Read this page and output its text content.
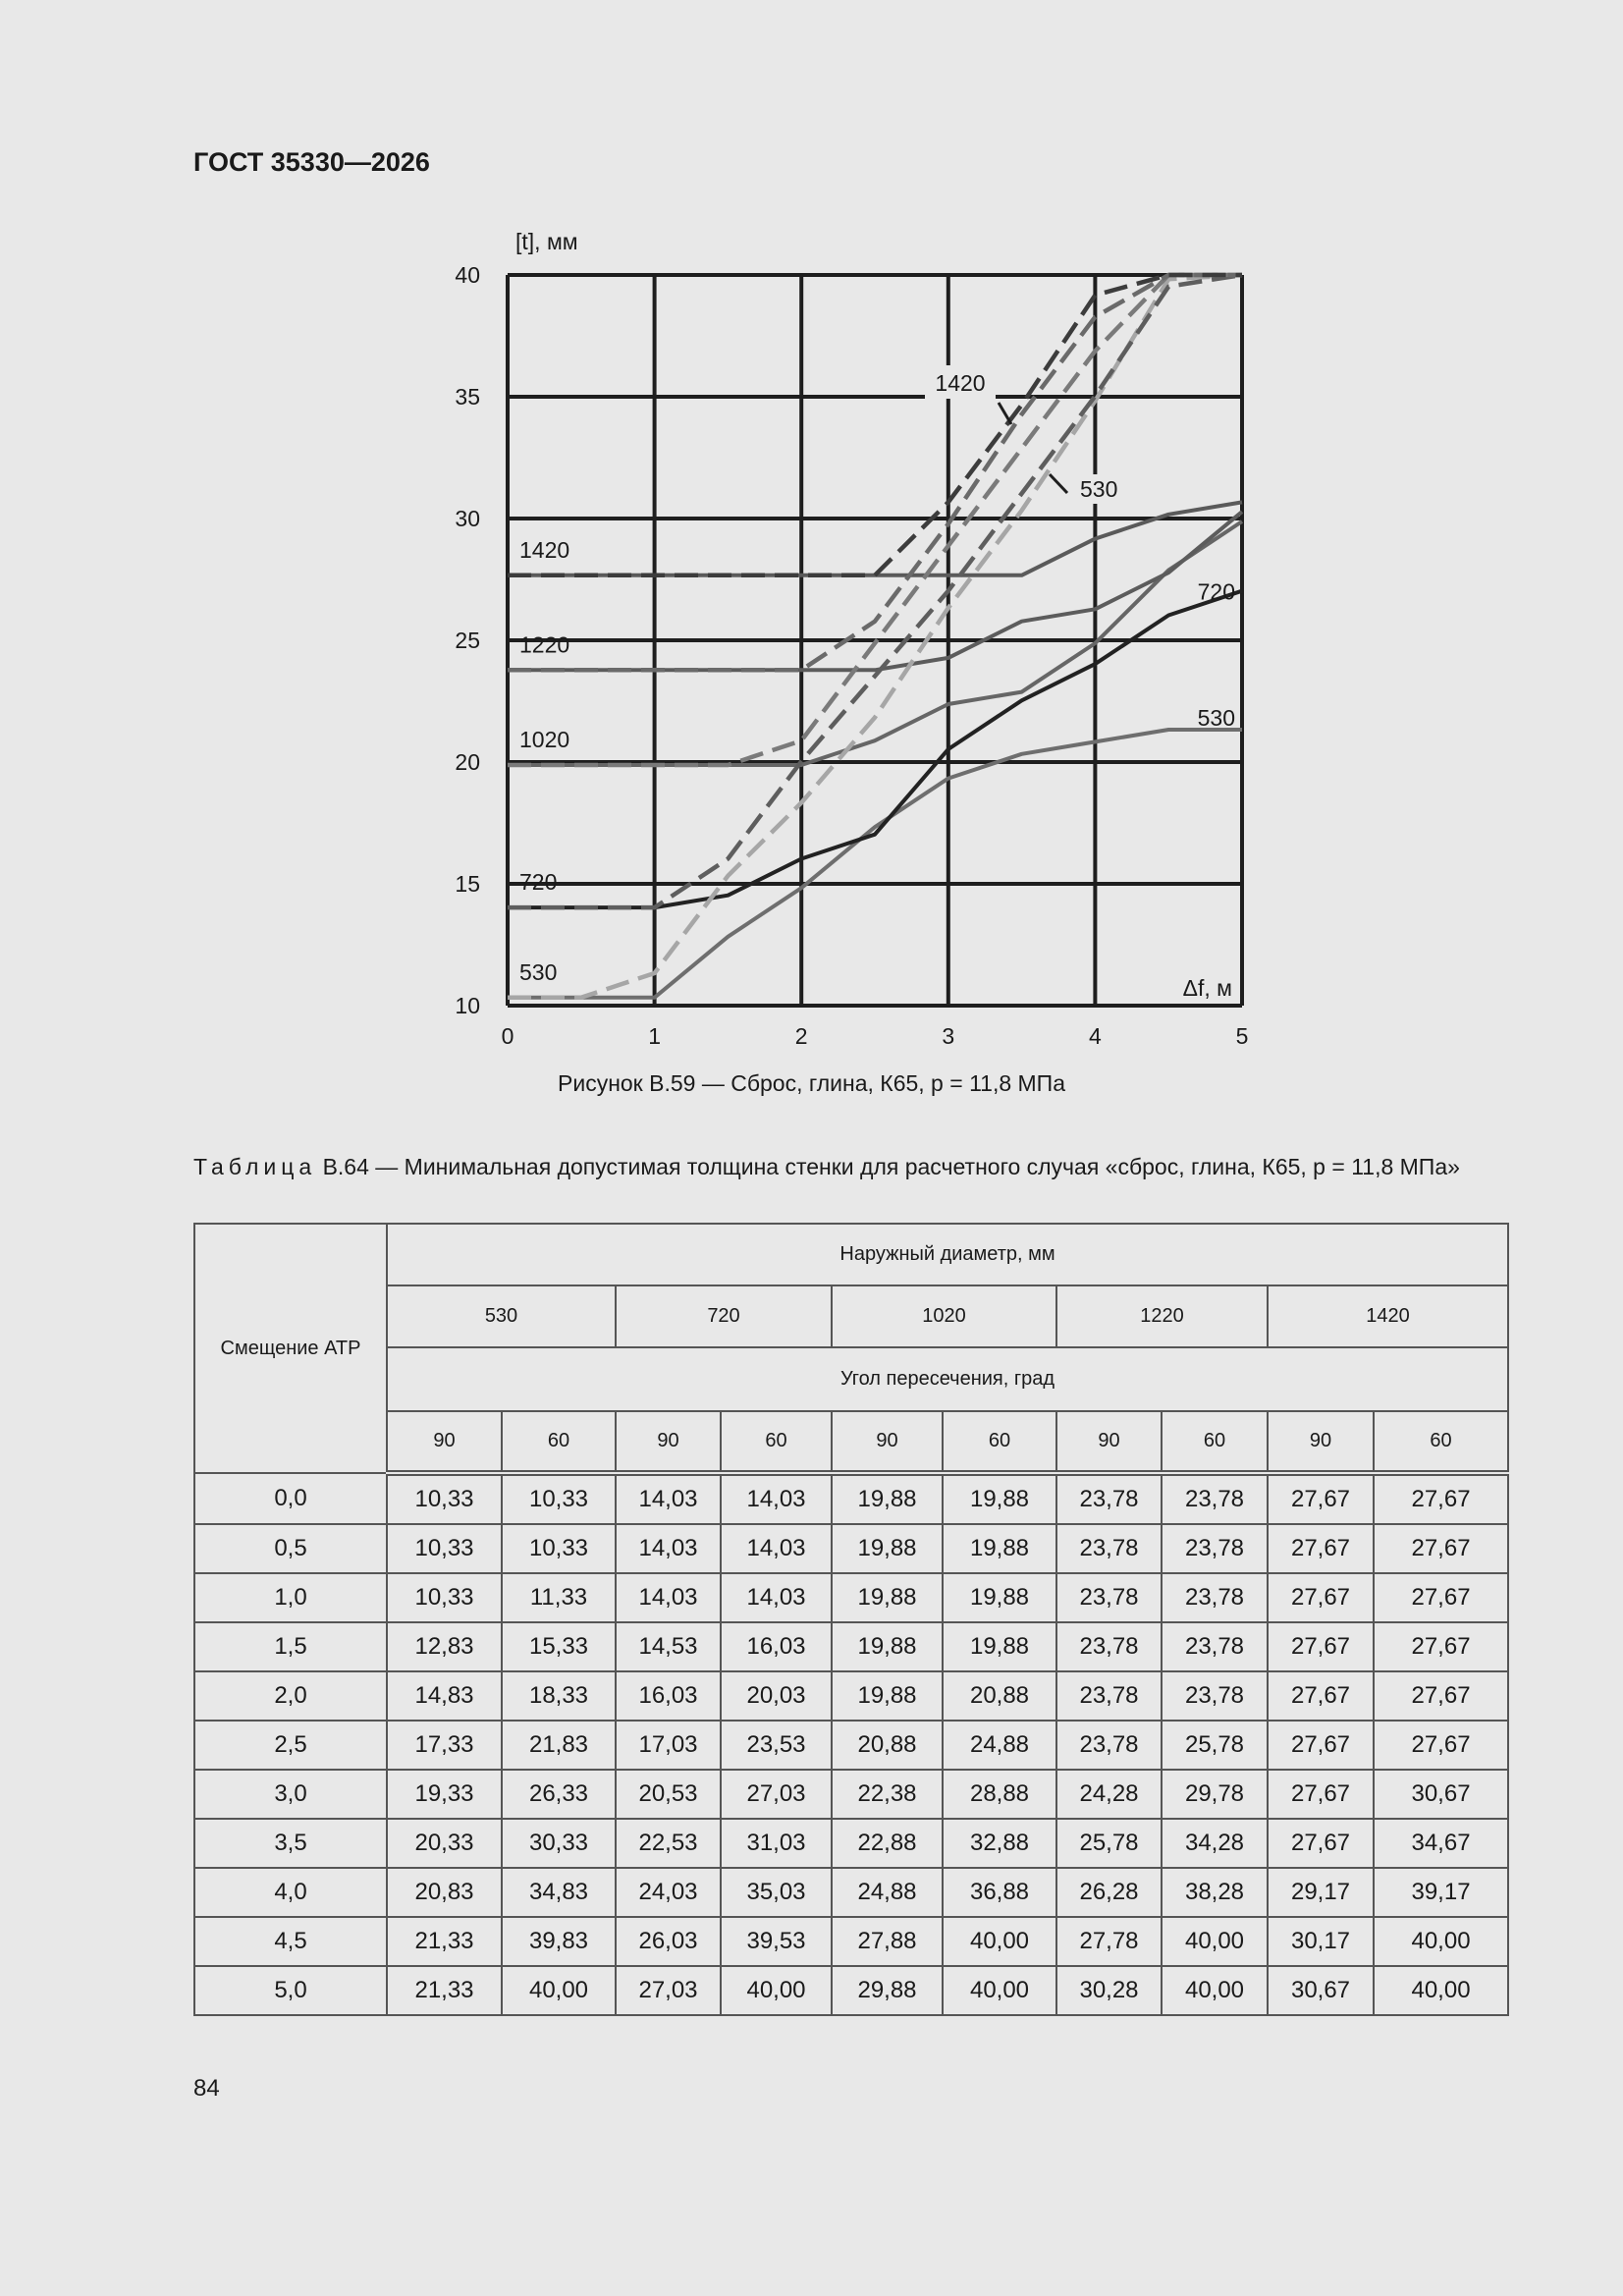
ГОСТ 35330—2026
0	1	2	3	4	5
10
15
20
25
30
35
40
[t], мм
Δf, м
530
720
1020
1220
1420
530
720
1420
530
Рисунок В.59 — Сброс, глина, К65, р = 11,8 МПа
Таблица В.64 — Минимальная допустимая толщина стенки для расчетного случая «сброс, глина, К65, р = 11,8 МПа»
Смещение АТР	Наружный диаметр, мм									
	530		720		1020		1220		1420	
	Угол пересечения, град									
	90	60	90	60	90	60	90	60	90	60
0,0	10,33	10,33	14,03	14,03	19,88	19,88	23,78	23,78	27,67	27,67
0,5	10,33	10,33	14,03	14,03	19,88	19,88	23,78	23,78	27,67	27,67
1,0	10,33	11,33	14,03	14,03	19,88	19,88	23,78	23,78	27,67	27,67
1,5	12,83	15,33	14,53	16,03	19,88	19,88	23,78	23,78	27,67	27,67
2,0	14,83	18,33	16,03	20,03	19,88	20,88	23,78	23,78	27,67	27,67
2,5	17,33	21,83	17,03	23,53	20,88	24,88	23,78	25,78	27,67	27,67
3,0	19,33	26,33	20,53	27,03	22,38	28,88	24,28	29,78	27,67	30,67
3,5	20,33	30,33	22,53	31,03	22,88	32,88	25,78	34,28	27,67	34,67
4,0	20,83	34,83	24,03	35,03	24,88	36,88	26,28	38,28	29,17	39,17
4,5	21,33	39,83	26,03	39,53	27,88	40,00	27,78	40,00	30,17	40,00
5,0	21,33	40,00	27,03	40,00	29,88	40,00	30,28	40,00	30,67	40,00
84
